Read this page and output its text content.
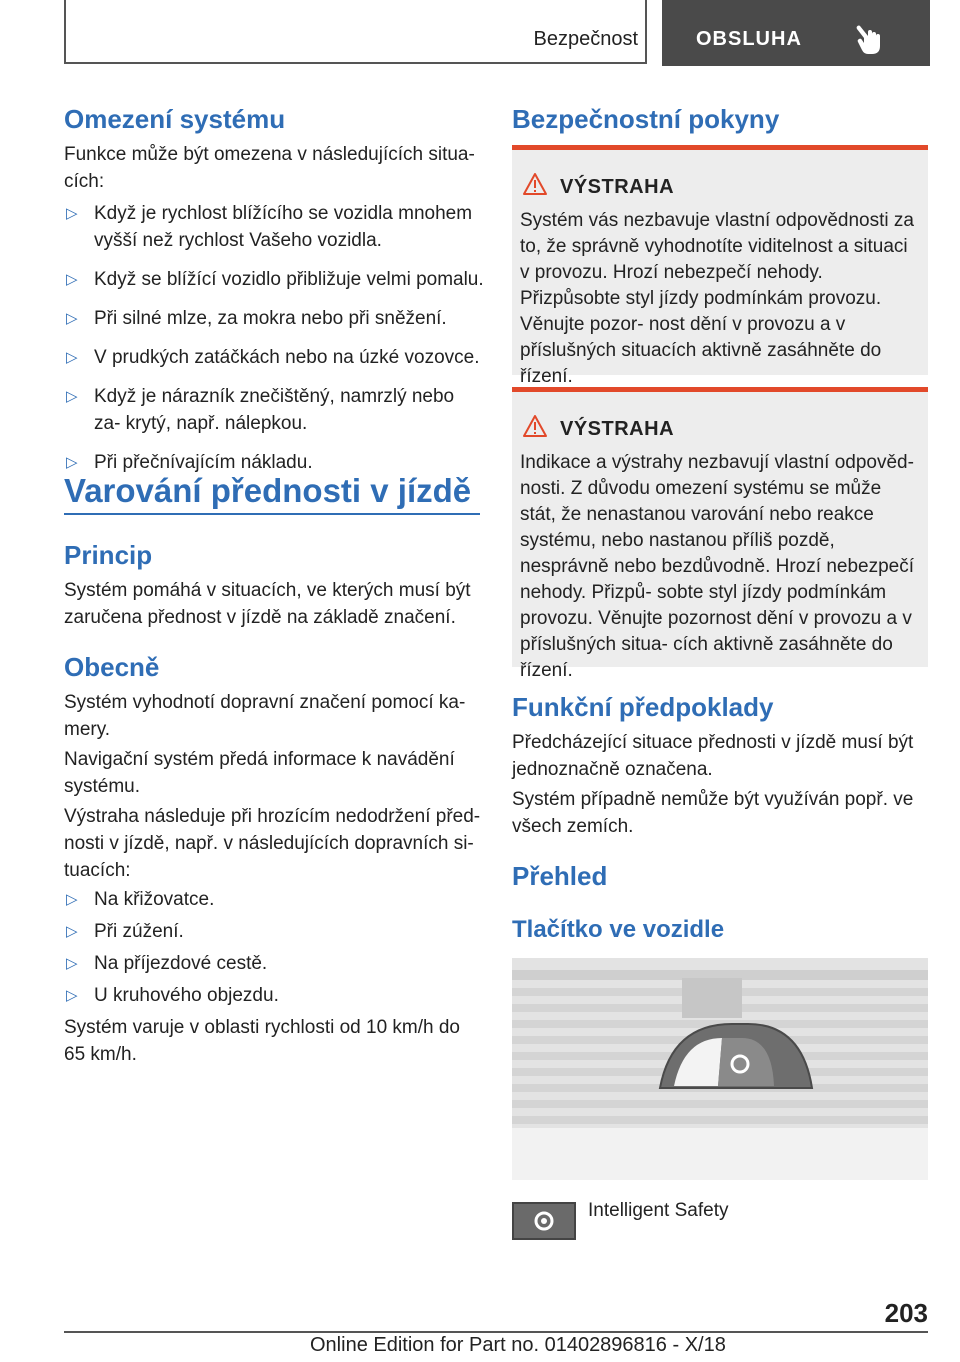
Bezpečnost	OBSLUHA
Omezení systému

Funkce může být omezena v následujících situa‐ cích:

▷ Když je rychlost blížícího se vozidla mnohem vyšší než rychlost Vašeho vozidla.
▷ Když se blížící vozidlo přibližuje velmi pomalu.
▷ Při silné mlze, za mokra nebo při sněžení.
▷ V prudkých zatáčkách nebo na úzké vozovce.
▷ Když je nárazník znečištěný, namrzlý nebo za‐ krytý, např. nálepkou.
▷ Při přečnívajícím nákladu.
Varování přednosti v jízdě
Princip

Systém pomáhá v situacích, ve kterých musí být zaručena přednost v jízdě na základě značení.

Obecně

Systém vyhodnotí dopravní značení pomocí ka‐ mery.

Navigační systém předá informace k navádění systému.

Výstraha následuje při hrozícím nedodržení před‐ nosti v jízdě, např. v následujících dopravních si‐ tuacích:

▷ Na křižovatce.
▷ Při zúžení.
▷ Na příjezdové cestě.
▷ U kruhového objezdu.

Systém varuje v oblasti rychlosti od 10 km/h do 65 km/h.

Bezpečnostní pokyny
VÝSTRAHA
Systém vás nezbavuje vlastní odpovědnosti za to, že správně vyhodnotíte viditelnost a situaci v provozu. Hrozí nebezpečí nehody. Přizpůsobte styl jízdy podmínkám provozu. Věnujte pozor‐ nost dění v provozu a v příslušných situacích aktivně zasáhněte do řízení.
VÝSTRAHA
Indikace a výstrahy nezbavují vlastní odpověd‐ nosti. Z důvodu omezení systému se může stát, že nenastanou varování nebo reakce systému, nebo nastanou příliš pozdě, nesprávně nebo bezdůvodně. Hrozí nebezpečí nehody. Přizpů‐ sobte styl jízdy podmínkám provozu. Věnujte pozornost dění v provozu a v příslušných situa‐ cích aktivně zasáhněte do řízení.
Funkční předpoklady

Předcházející situace přednosti v jízdě musí být jednoznačně označena.

Systém případně nemůže být využíván popř. ve všech zemích.

Přehled
Tlačítko ve vozidle
Intelligent Safety
203
Online Edition for Part no. 01402896816 - X/18
